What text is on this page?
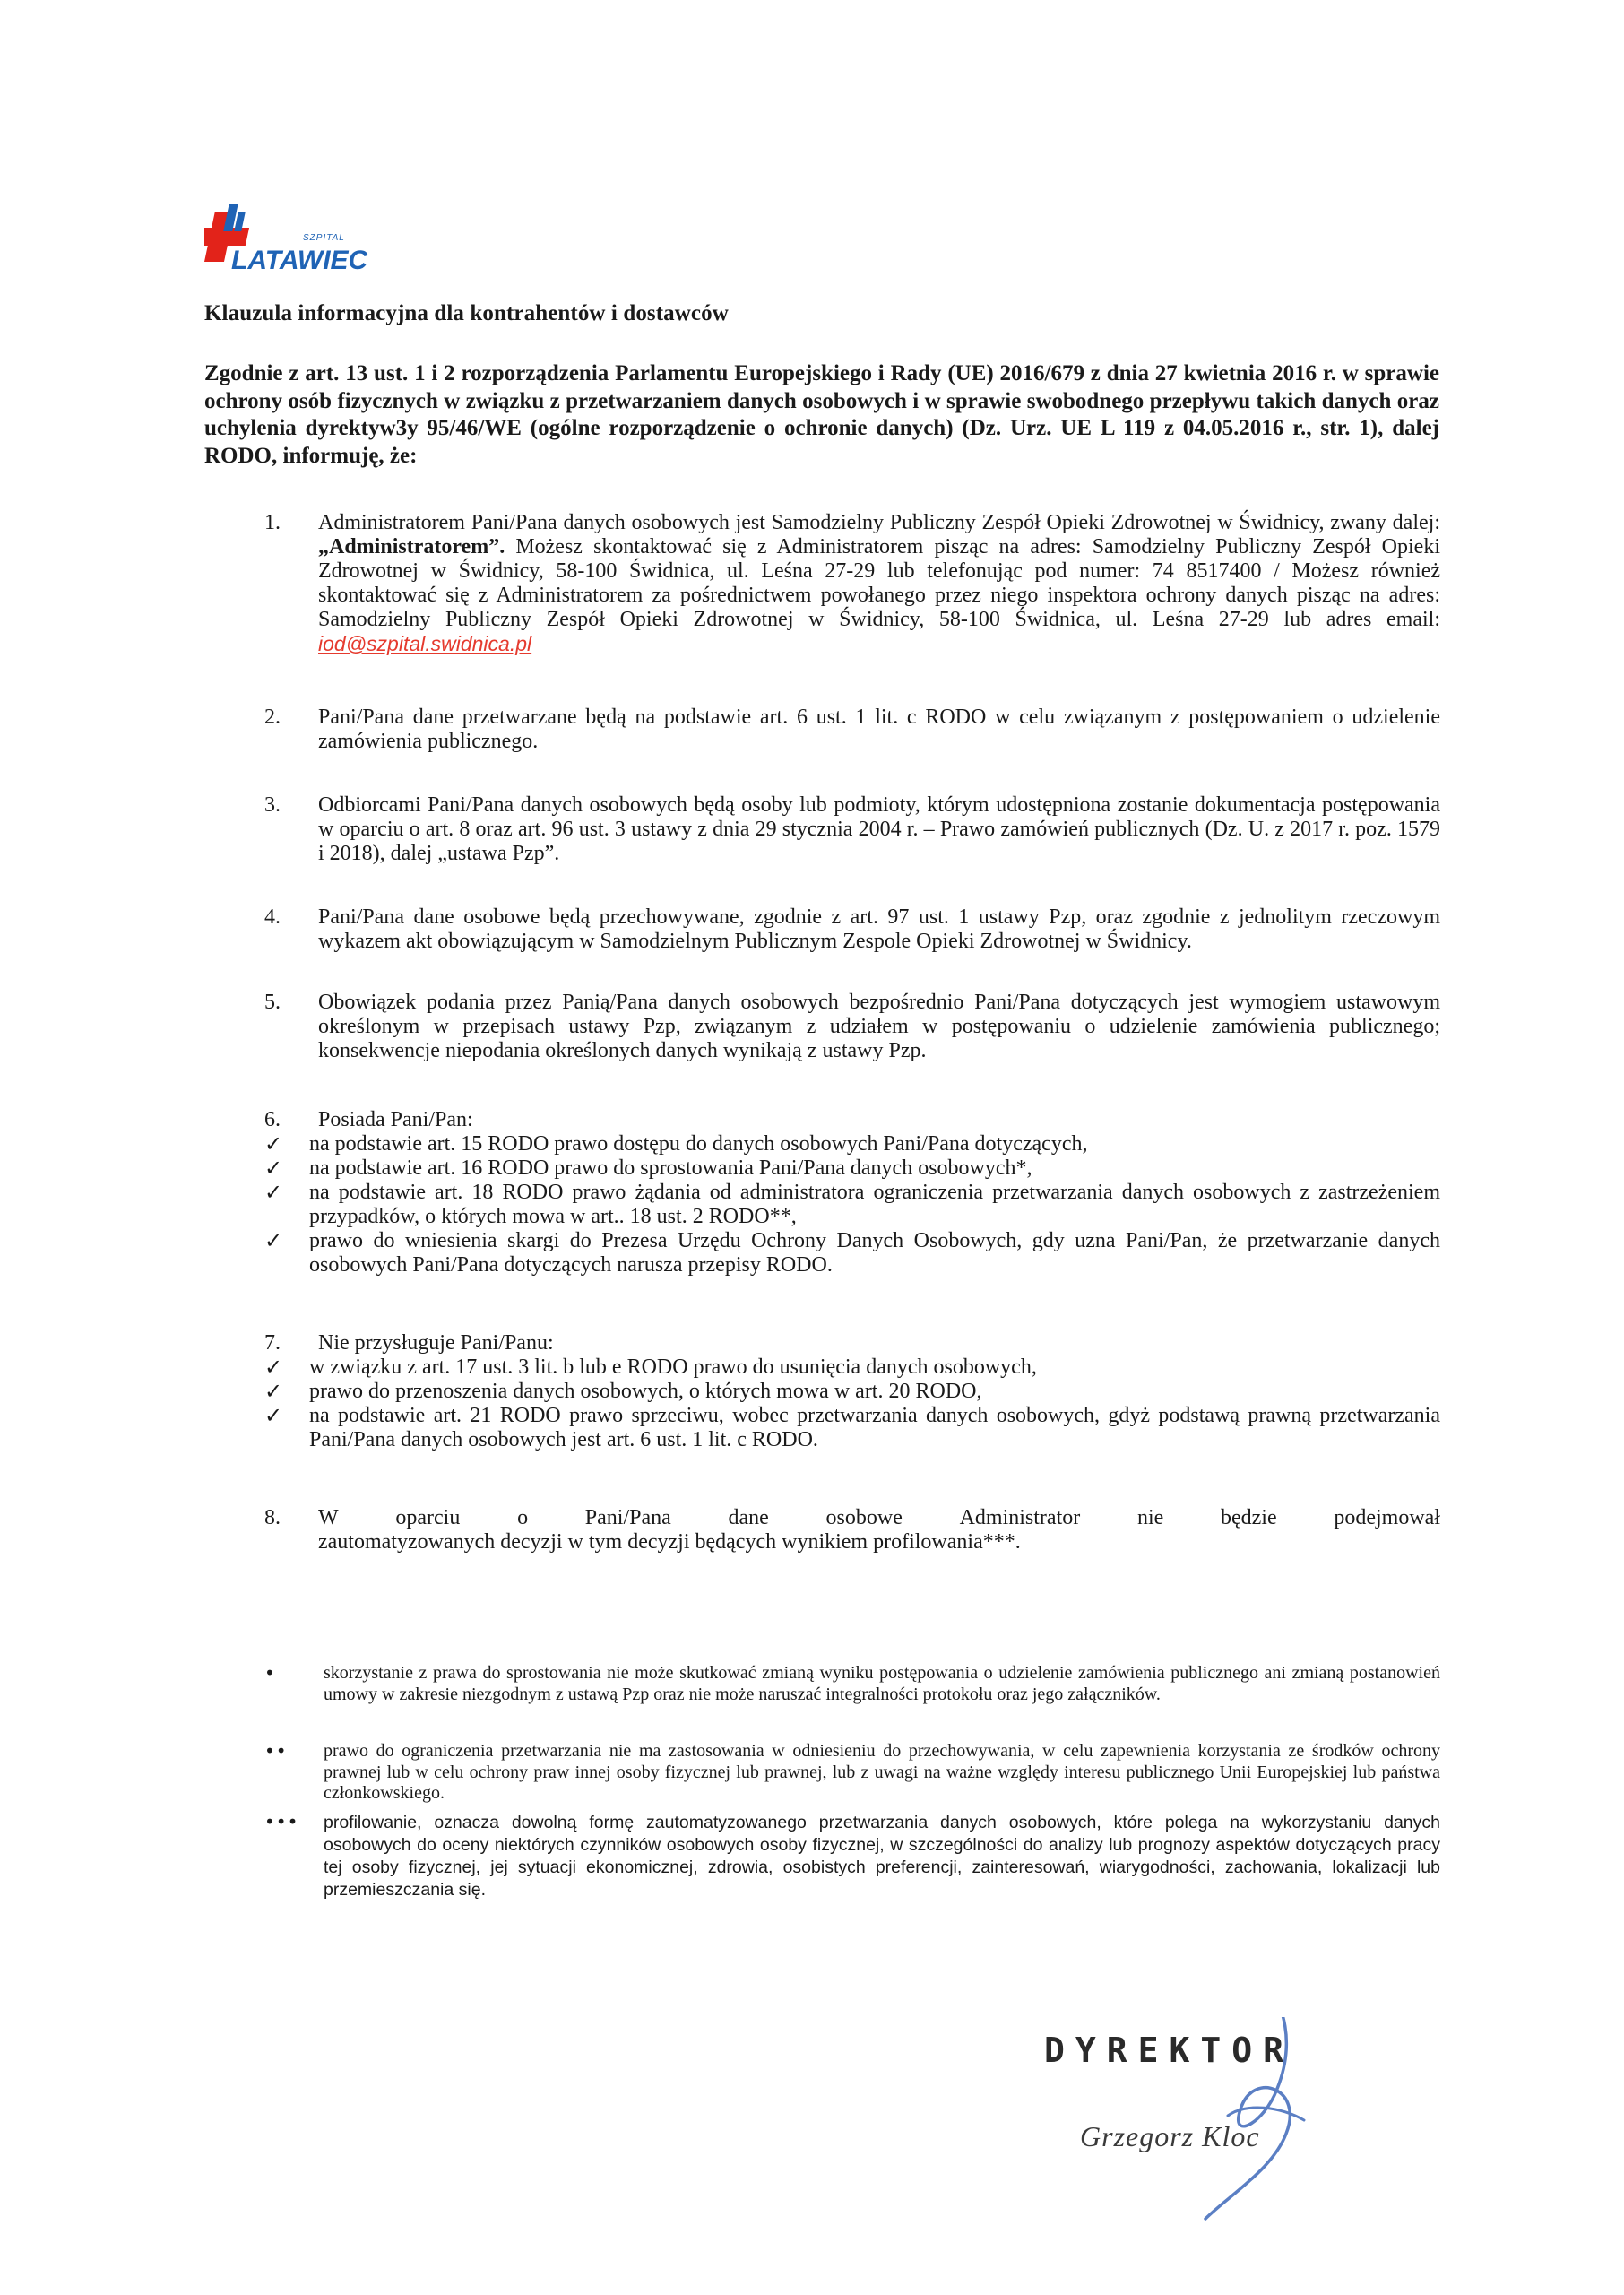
SZPITAL
LATAWIEC
Klauzula informacyjna dla kontrahentów i dostawców
Zgodnie z art. 13 ust. 1 i 2 rozporządzenia Parlamentu Europejskiego i Rady (UE) 2016/679 z dnia 27 kwietnia 2016 r. w sprawie ochrony osób fizycznych w związku z przetwarzaniem danych osobowych i w sprawie swobodnego przepływu takich danych oraz uchylenia dyrektyw3y 95/46/WE (ogólne rozporządzenie o ochronie danych) (Dz. Urz. UE L 119 z 04.05.2016 r., str. 1), dalej RODO, informuję, że:
1. Administratorem Pani/Pana danych osobowych jest Samodzielny Publiczny Zespół Opieki Zdrowotnej w Świdnicy, zwany dalej: „Administratorem”. Możesz skontaktować się z Administratorem pisząc na adres: Samodzielny Publiczny Zespół Opieki Zdrowotnej w Świdnicy, 58-100 Świdnica, ul. Leśna 27-29 lub telefonując pod numer: 74 8517400 / Możesz również skontaktować się z Administratorem za pośrednictwem powołanego przez niego inspektora ochrony danych pisząc na adres: Samodzielny Publiczny Zespół Opieki Zdrowotnej w Świdnicy, 58-100 Świdnica, ul. Leśna 27-29 lub adres email: iod@szpital.swidnica.pl
2. Pani/Pana dane przetwarzane będą na podstawie art. 6 ust. 1 lit. c RODO w celu związanym z postępowaniem o udzielenie zamówienia publicznego.
3. Odbiorcami Pani/Pana danych osobowych będą osoby lub podmioty, którym udostępniona zostanie dokumentacja postępowania w oparciu o art. 8 oraz art. 96 ust. 3 ustawy z dnia 29 stycznia 2004 r. – Prawo zamówień publicznych (Dz. U. z 2017 r. poz. 1579 i 2018), dalej „ustawa Pzp”.
4. Pani/Pana dane osobowe będą przechowywane, zgodnie z art. 97 ust. 1 ustawy Pzp, oraz zgodnie z jednolitym rzeczowym wykazem akt obowiązującym w Samodzielnym Publicznym Zespole Opieki Zdrowotnej w Świdnicy.
5. Obowiązek podania przez Panią/Pana danych osobowych bezpośrednio Pani/Pana dotyczących jest wymogiem ustawowym określonym w przepisach ustawy Pzp, związanym z udziałem w postępowaniu o udzielenie zamówienia publicznego; konsekwencje niepodania określonych danych wynikają z ustawy Pzp.
6. Posiada Pani/Pan:
✓ na podstawie art. 15 RODO prawo dostępu do danych osobowych Pani/Pana dotyczących,
✓ na podstawie art. 16 RODO prawo do sprostowania Pani/Pana danych osobowych*,
✓ na podstawie art. 18 RODO prawo żądania od administratora ograniczenia przetwarzania danych osobowych z zastrzeżeniem przypadków, o których mowa w art.. 18 ust. 2 RODO**,
✓ prawo do wniesienia skargi do Prezesa Urzędu Ochrony Danych Osobowych, gdy uzna Pani/Pan, że przetwarzanie danych osobowych Pani/Pana dotyczących narusza przepisy RODO.
7. Nie przysługuje Pani/Panu:
✓ w związku z art. 17 ust. 3 lit. b lub e RODO prawo do usunięcia danych osobowych,
✓ prawo do przenoszenia danych osobowych, o których mowa w art. 20 RODO,
✓ na podstawie art. 21 RODO prawo sprzeciwu, wobec przetwarzania danych osobowych, gdyż podstawą prawną przetwarzania Pani/Pana danych osobowych jest art. 6 ust. 1 lit. c RODO.
8. W	oparciu	o	Pani/Pana	dane	osobowe	Administrator	nie	będzie	podejmował
zautomatyzowanych decyzji w tym decyzji będących wynikiem profilowania***.
•	skorzystanie z prawa do sprostowania nie może skutkować zmianą wyniku postępowania o udzielenie zamówienia publicznego ani zmianą postanowień umowy w zakresie niezgodnym z ustawą Pzp oraz nie może naruszać integralności protokołu oraz jego załączników.
•• prawo do ograniczenia przetwarzania nie ma zastosowania w odniesieniu do przechowywania, w celu zapewnienia korzystania ze środków ochrony prawnej lub w celu ochrony praw innej osoby fizycznej lub prawnej, lub z uwagi na ważne względy interesu publicznego Unii Europejskiej lub państwa członkowskiego.
••• profilowanie, oznacza dowolną formę zautomatyzowanego przetwarzania danych osobowych, które polega na wykorzystaniu danych osobowych do oceny niektórych czynników osobowych osoby fizycznej, w szczególności do analizy lub prognozy aspektów dotyczących pracy tej osoby fizycznej, jej sytuacji ekonomicznej, zdrowia, osobistych preferencji, zainteresowań, wiarygodności, zachowania, lokalizacji lub przemieszczania się.
DYREKTOR
Grzegorz Kloc
